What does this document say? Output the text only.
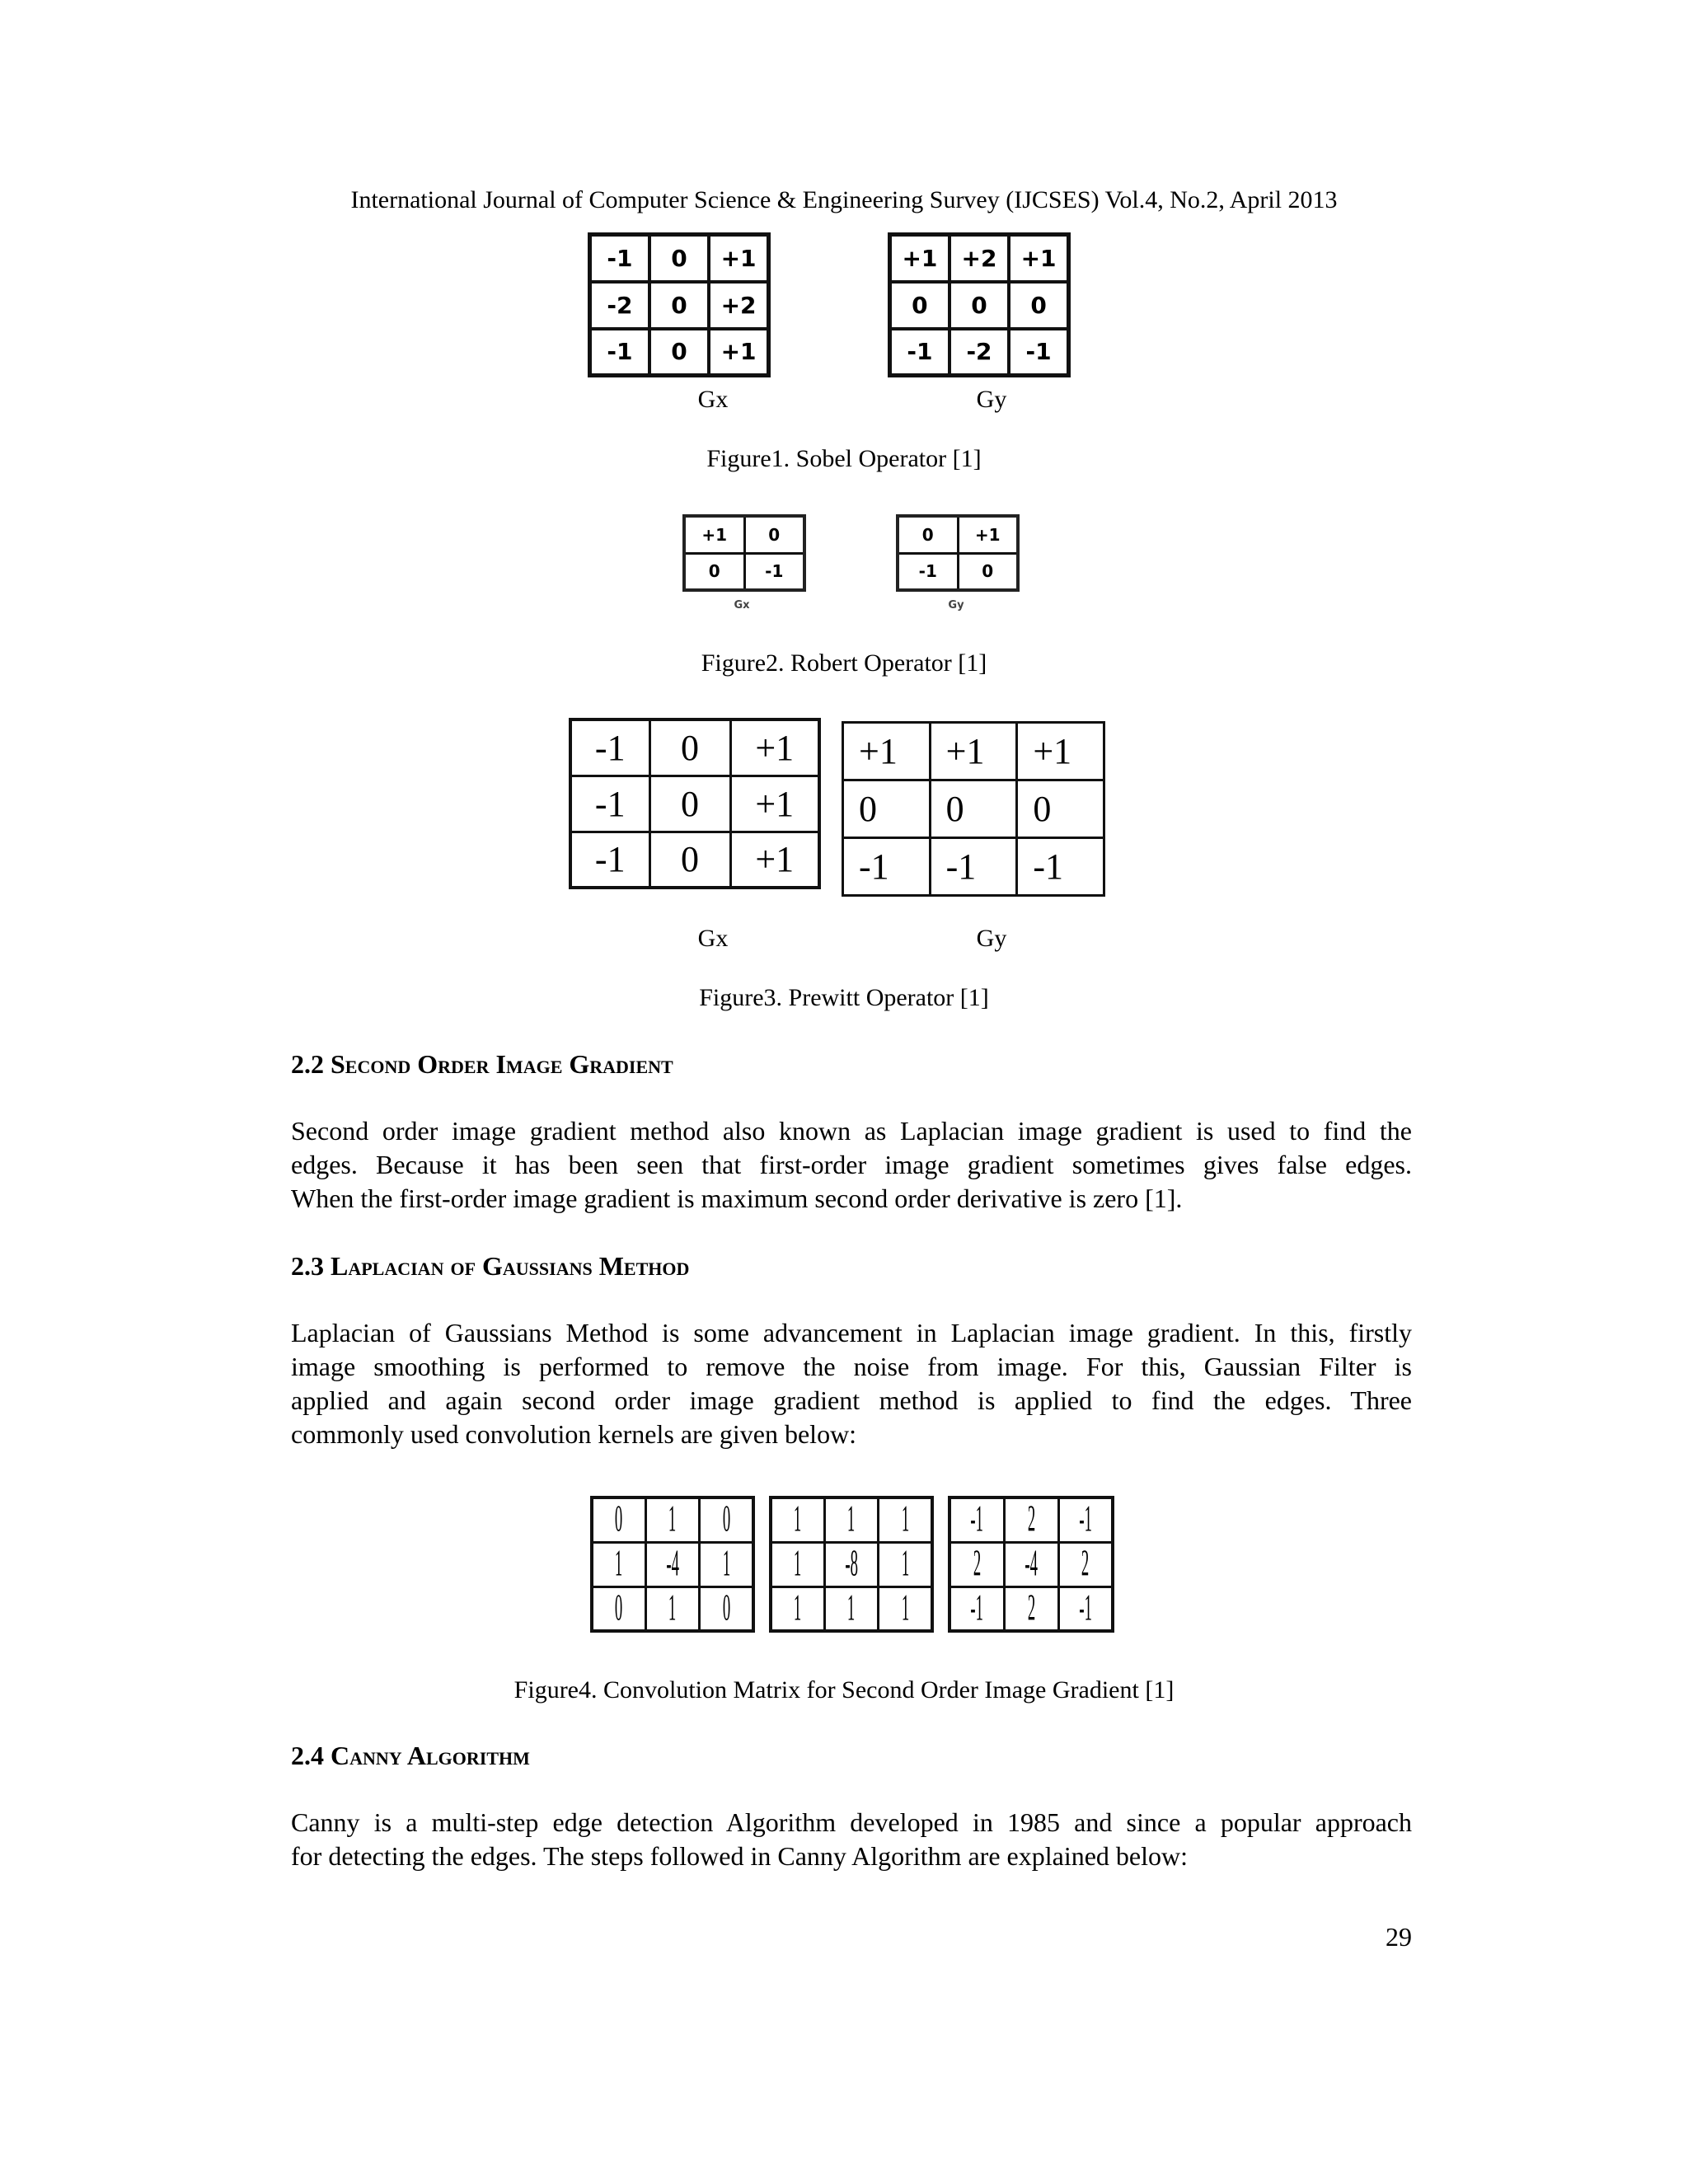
International Journal of Computer Science & Engineering Survey (IJCSES) Vol.4, No.2, April 2013
-1	0	+1
-2	0	+2
-1	0	+1
+1	+2	+1
0	0	0
-1	-2	-1
Gx	Gy
Figure1. Sobel Operator [1]
+1	0
0	-1
0	+1
-1	0
Gx	Gy
Figure2. Robert Operator [1]
-1	0	+1
-1	0	+1
-1	0	+1
+1	+1	+1
0	0	0
-1	-1	-1
Gx	Gy
Figure3. Prewitt Operator [1]
2.2 Second Order Image Gradient
Second order image gradient method also known as Laplacian image gradient is used to find the
edges. Because it has been seen that first-order image gradient sometimes gives false edges.
When the first-order image gradient is maximum second order derivative is zero [1].
2.3 Laplacian of Gaussians Method
Laplacian of Gaussians Method is some advancement in Laplacian image gradient. In this, firstly
image smoothing is performed to remove the noise from image. For this, Gaussian Filter is
applied and again second order image gradient method is applied to find the edges. Three
commonly used convolution kernels are given below:
0	1	0
1	-4	1
0	1	0
1	1	1
1	-8	1
1	1	1
-1	2	-1
2	-4	2
-1	2	-1
Figure4. Convolution Matrix for Second Order Image Gradient [1]
2.4 Canny Algorithm
Canny is a multi-step edge detection Algorithm developed in 1985 and since a popular approach
for detecting the edges. The steps followed in Canny Algorithm are explained below:
29
